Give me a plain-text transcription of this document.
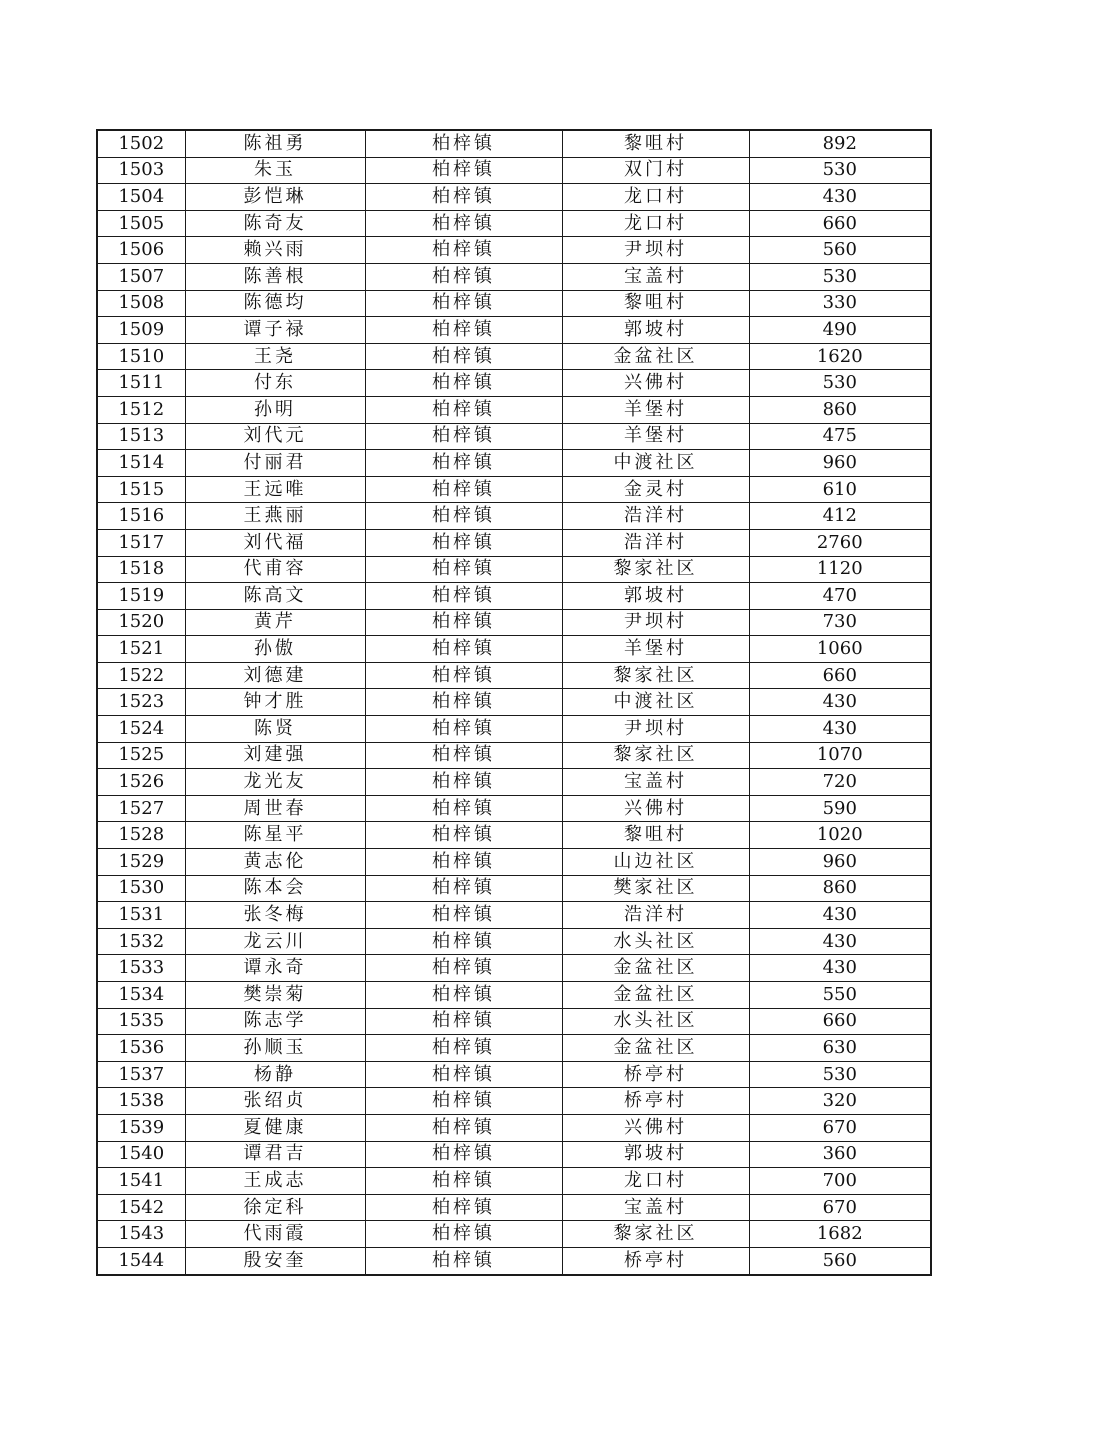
1502	陈祖勇	柏梓镇	黎咀村	892
1503	朱玉	柏梓镇	双门村	530
1504	彭恺琳	柏梓镇	龙口村	430
1505	陈奇友	柏梓镇	龙口村	660
1506	赖兴雨	柏梓镇	尹坝村	560
1507	陈善根	柏梓镇	宝盖村	530
1508	陈德均	柏梓镇	黎咀村	330
1509	谭子禄	柏梓镇	郭坡村	490
1510	王尧	柏梓镇	金盆社区	1620
1511	付东	柏梓镇	兴佛村	530
1512	孙明	柏梓镇	羊堡村	860
1513	刘代元	柏梓镇	羊堡村	475
1514	付丽君	柏梓镇	中渡社区	960
1515	王远唯	柏梓镇	金灵村	610
1516	王燕丽	柏梓镇	浩洋村	412
1517	刘代福	柏梓镇	浩洋村	2760
1518	代甫容	柏梓镇	黎家社区	1120
1519	陈高文	柏梓镇	郭坡村	470
1520	黄芹	柏梓镇	尹坝村	730
1521	孙傲	柏梓镇	羊堡村	1060
1522	刘德建	柏梓镇	黎家社区	660
1523	钟才胜	柏梓镇	中渡社区	430
1524	陈贤	柏梓镇	尹坝村	430
1525	刘建强	柏梓镇	黎家社区	1070
1526	龙光友	柏梓镇	宝盖村	720
1527	周世春	柏梓镇	兴佛村	590
1528	陈星平	柏梓镇	黎咀村	1020
1529	黄志伦	柏梓镇	山边社区	960
1530	陈本会	柏梓镇	樊家社区	860
1531	张冬梅	柏梓镇	浩洋村	430
1532	龙云川	柏梓镇	水头社区	430
1533	谭永奇	柏梓镇	金盆社区	430
1534	樊崇菊	柏梓镇	金盆社区	550
1535	陈志学	柏梓镇	水头社区	660
1536	孙顺玉	柏梓镇	金盆社区	630
1537	杨静	柏梓镇	桥亭村	530
1538	张绍贞	柏梓镇	桥亭村	320
1539	夏健康	柏梓镇	兴佛村	670
1540	谭君吉	柏梓镇	郭坡村	360
1541	王成志	柏梓镇	龙口村	700
1542	徐定科	柏梓镇	宝盖村	670
1543	代雨霞	柏梓镇	黎家社区	1682
1544	殷安奎	柏梓镇	桥亭村	560
